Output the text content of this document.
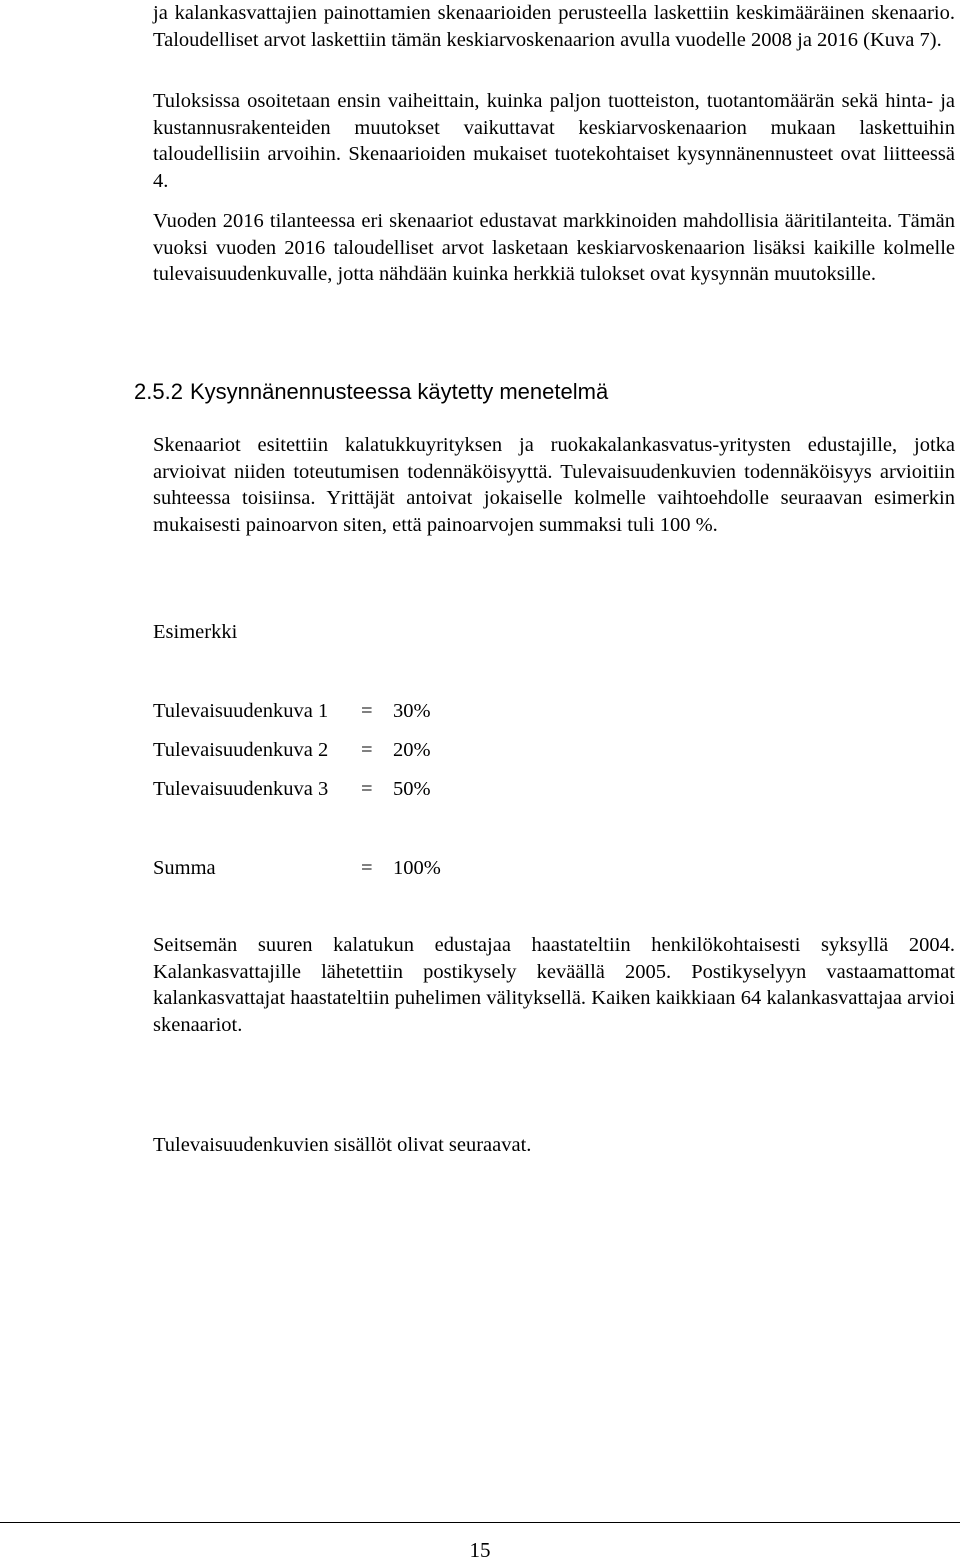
ja kalankasvattajien painottamien skenaarioiden perusteella laskettiin keskimääräinen skenaario. Taloudelliset arvot laskettiin tämän keskiarvoskenaarion avulla vuodelle 2008 ja 2016 (Kuva 7).

Tuloksissa osoitetaan ensin vaiheittain, kuinka paljon tuotteiston, tuotantomäärän sekä hinta- ja kustannusrakenteiden muutokset vaikuttavat keskiarvoskenaarion mukaan laskettuihin taloudellisiin arvoihin. Skenaarioiden mukaiset tuotekohtaiset kysynnänennusteet ovat liitteessä 4.

Vuoden 2016 tilanteessa eri skenaariot edustavat markkinoiden mahdollisia ääritilanteita. Tämän vuoksi vuoden 2016 taloudelliset arvot lasketaan keskiarvoskenaarion lisäksi kaikille kolmelle tulevaisuudenkuvalle, jotta nähdään kuinka herkkiä tulokset ovat kysynnän muutoksille.

2.5.2 Kysynnänennusteessa käytetty menetelmä

Skenaariot esitettiin kalatukkuyrityksen ja ruokakalankasvatus-yritysten edustajille, jotka arvioivat niiden toteutumisen todennäköisyyttä. Tulevaisuudenkuvien todennäköisyys arvioitiin suhteessa toisiinsa. Yrittäjät antoivat jokaiselle kolmelle vaihtoehdolle seuraavan esimerkin mukaisesti painoarvon siten, että painoarvojen summaksi tuli 100 %.

Esimerkki

Tulevaisuudenkuva 1 = 30%
Tulevaisuudenkuva 2 = 20%
Tulevaisuudenkuva 3 = 50%
Summa	= 100%

Seitsemän suuren kalatukun edustajaa haastateltiin henkilökohtaisesti syksyllä 2004. Kalankasvattajille lähetettiin postikysely keväällä 2005. Postikyselyyn vastaamattomat kalankasvattajat haastateltiin puhelimen välityksellä. Kaiken kaikkiaan 64 kalankasvattajaa arvioi skenaariot.

Tulevaisuudenkuvien sisällöt olivat seuraavat.

15
